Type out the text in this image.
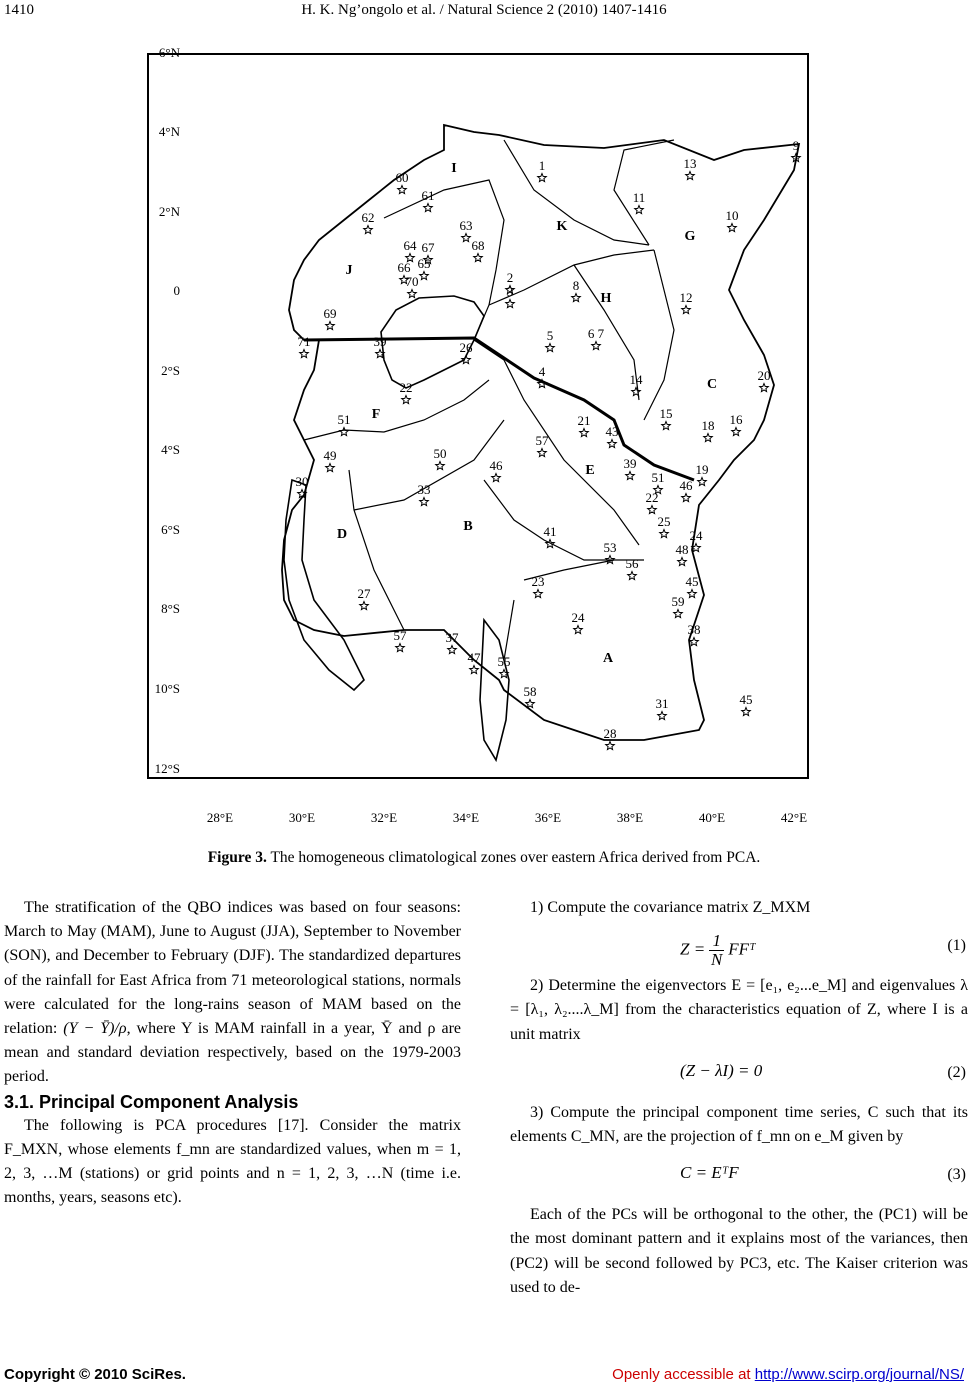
1410	H. K. Ng’ongolo et al. / Natural Science 2 (2010) 1407-1416
6°N
4°N
2°N
0
2°S
4°S
6°S
8°S
10°S
12°S
28°E	30°E	32°E	34°E	36°E	38°E	40°E	42°E
I
J
K
G
H
C
F
E
D
B
A
1
9
13
60
61	11
10
62
63
64 67	68
66 65
70
69
2
3	8
12
71	39	26
5	6 7
4
14	20
22
51	21
57
43
15
18 16
50
49
46	39
51
19
30
33	46
22
25
41
53
24
48
56
45
23
27
59
24
38
57	37
47 55
58
31	45
28
Figure 3. The homogeneous climatological zones over eastern Africa derived from PCA.

The stratification of the QBO indices was based on four seasons: March to May (MAM), June to August (JJA), September to November (SON), and December to February (DJF). The standardized departures of the rainfall for East Africa from 71 meteorological stations, normals were calculated for the long-rains season of MAM based on the relation: (Y − Ȳ)/ρ, where Y is MAM rainfall in a year, Ȳ and ρ are mean and standard deviation respectively, based on the 1979-2003 period.

3.1. Principal Component Analysis

The following is PCA procedures [17]. Consider the matrix F_MXN, whose elements f_mn are standardized values, when m = 1, 2, 3, …M (stations) or grid points and n = 1, 2, 3, …N (time i.e. months, years, seasons etc).

1) Compute the covariance matrix Z_MXM

$Z = \frac{1}{N}$ FFᵀ	(1)

2) Determine the eigenvectors E = [e₁, e₂...e_M] and eigenvalues λ = [λ₁, λ₂....λ_M] from the characteristics equation of Z, where I is a unit matrix

(Z − λI) = 0	(2)

3) Compute the principal component time series, C such that its elements C_MN, are the projection of f_mn on e_M given by

C = EᵀF	(3)

Each of the PCs will be orthogonal to the other, the (PC1) will be the most dominant pattern and it explains most of the variances, then (PC2) will be second followed by PC3, etc. The Kaiser criterion was used to de-

Copyright © 2010 SciRes.	Openly accessible at http://www.scirp.org/journal/NS/
